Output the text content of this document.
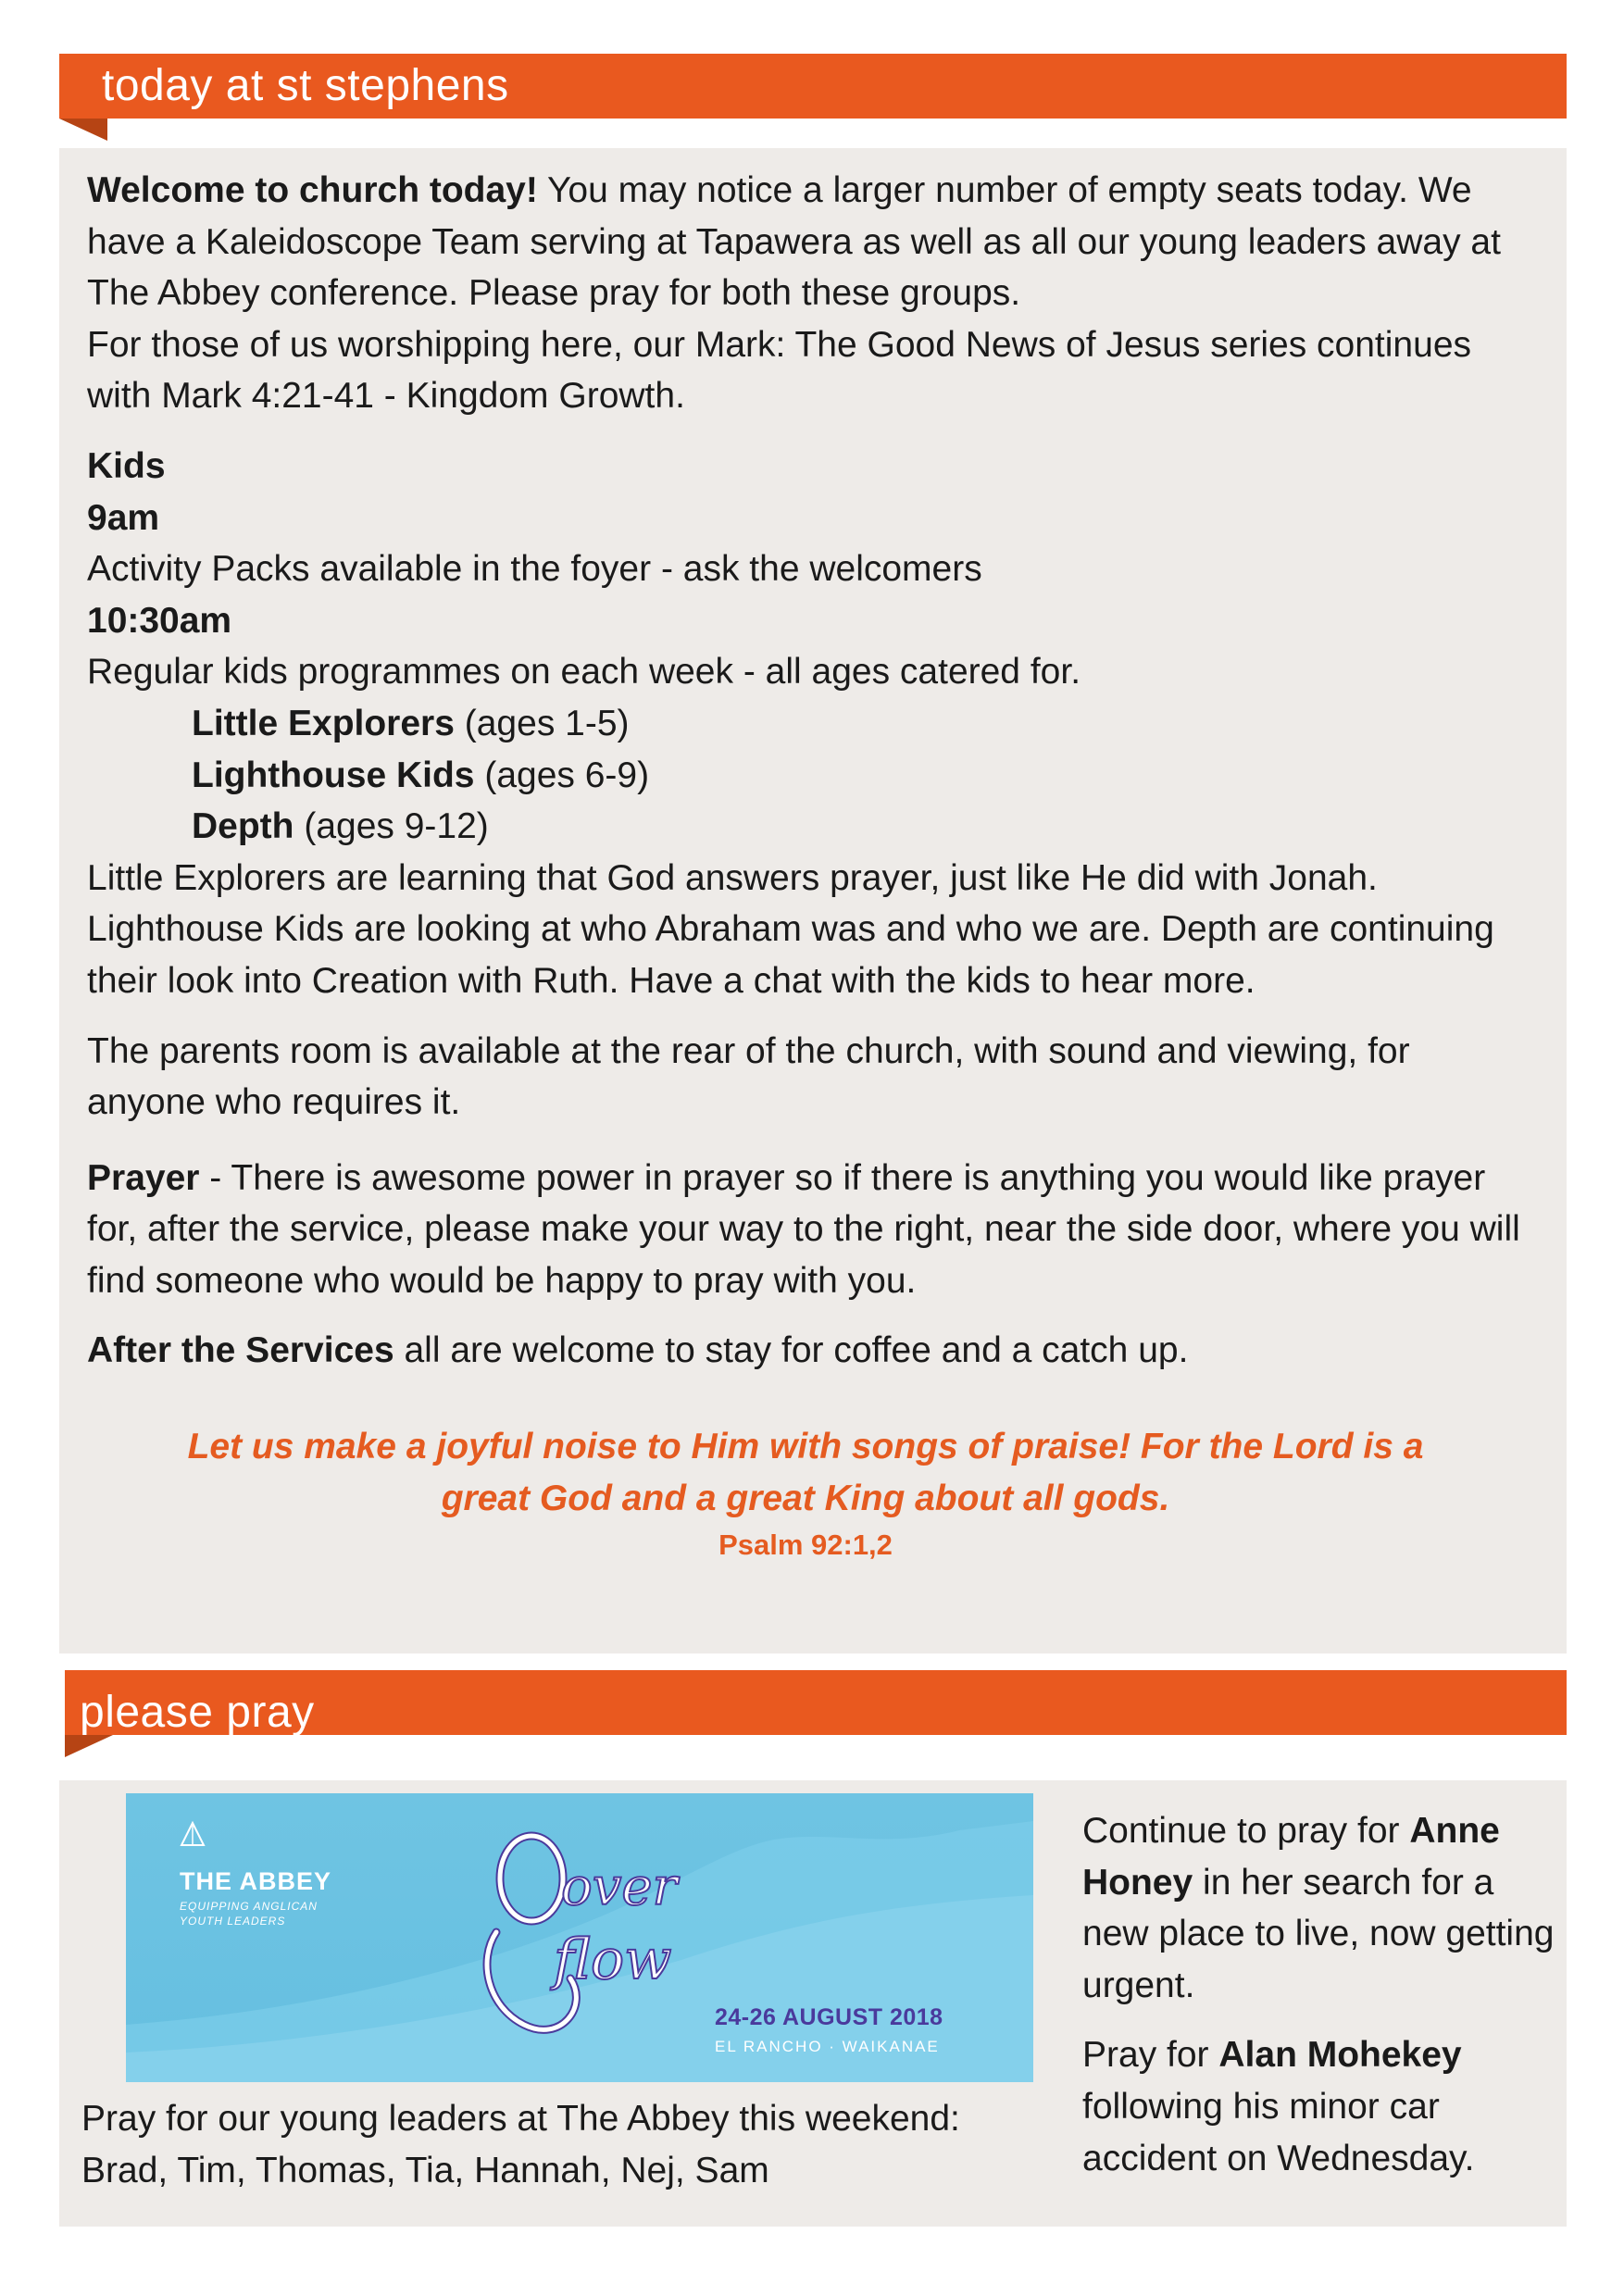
today at st stephens

Welcome to church today! You may notice a larger number of empty seats today. We have a Kaleidoscope Team serving at Tapawera as well as all our young leaders away at The Abbey conference. Please pray for both these groups.

For those of us worshipping here, our Mark: The Good News of Jesus series continues with Mark 4:21-41 - Kingdom Growth.

Kids

9am

Activity Packs available in the foyer - ask the welcomers

10:30am

Regular kids programmes on each week - all ages catered for.

Little Explorers (ages 1-5)

Lighthouse Kids (ages 6-9)

Depth (ages 9-12)

Little Explorers are learning that God answers prayer, just like He did with Jonah. Lighthouse Kids are looking at who Abraham was and who we are. Depth are continuing their look into Creation with Ruth. Have a chat with the kids to hear more.

The parents room is available at the rear of the church, with sound and viewing, for anyone who requires it.

Prayer - There is awesome power in prayer so if there is anything you would like prayer for, after the service, please make your way to the right, near the side door, where you will find someone who would be happy to pray with you.

After the Services all are welcome to stay for coffee and a catch up.

Let us make a joyful noise to Him with songs of praise! For the Lord is a
great God and a great King about all gods.
Psalm 92:1,2
please pray
over
flow
THE ABBEY
EQUIPPING ANGLICAN
YOUTH LEADERS
24-26 AUGUST 2018
EL RANCHO · WAIKANAE

Pray for our young leaders at The Abbey this weekend: Brad, Tim, Thomas, Tia, Hannah, Nej, Sam

Continue to pray for Anne Honey in her search for a new place to live, now getting urgent.

Pray for Alan Mohekey following his minor car accident on Wednesday.
